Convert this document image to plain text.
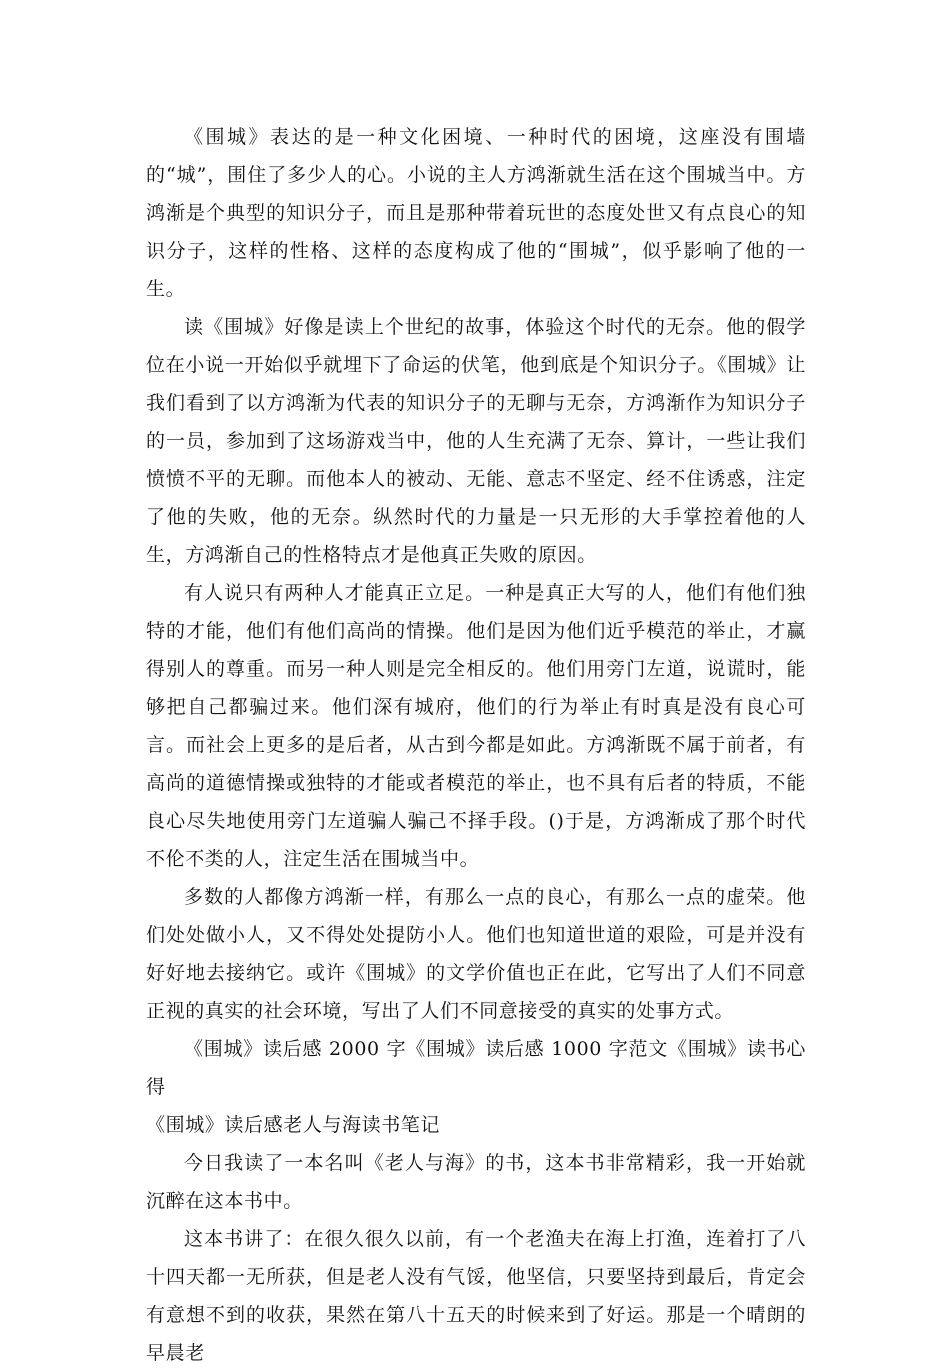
《围城》表达的是一种文化困境、一种时代的困境，这座没有围墙的“城”，围住了多少人的心。小说的主人方鸿渐就生活在这个围城当中。方鸿渐是个典型的知识分子，而且是那种带着玩世的态度处世又有点良心的知识分子，这样的性格、这样的态度构成了他的“围城”，似乎影响了他的一生。

读《围城》好像是读上个世纪的故事，体验这个时代的无奈。他的假学位在小说一开始似乎就埋下了命运的伏笔，他到底是个知识分子。《围城》让我们看到了以方鸿渐为代表的知识分子的无聊与无奈，方鸿渐作为知识分子的一员，参加到了这场游戏当中，他的人生充满了无奈、算计，一些让我们愤愤不平的无聊。而他本人的被动、无能、意志不坚定、经不住诱惑，注定了他的失败，他的无奈。纵然时代的力量是一只无形的大手掌控着他的人生，方鸿渐自己的性格特点才是他真正失败的原因。

有人说只有两种人才能真正立足。一种是真正大写的人，他们有他们独特的才能，他们有他们高尚的情操。他们是因为他们近乎模范的举止，才赢得别人的尊重。而另一种人则是完全相反的。他们用旁门左道，说谎时，能够把自己都骗过来。他们深有城府，他们的行为举止有时真是没有良心可言。而社会上更多的是后者，从古到今都是如此。方鸿渐既不属于前者，有高尚的道德情操或独特的才能或者模范的举止，也不具有后者的特质，不能良心尽失地使用旁门左道骗人骗己不择手段。()于是，方鸿渐成了那个时代不伦不类的人，注定生活在围城当中。

多数的人都像方鸿渐一样，有那么一点的良心，有那么一点的虚荣。他们处处做小人，又不得处处提防小人。他们也知道世道的艰险，可是并没有好好地去接纳它。或许《围城》的文学价值也正在此，它写出了人们不同意正视的真实的社会环境，写出了人们不同意接受的真实的处事方式。

《围城》读后感 2000 字《围城》读后感 1000 字范文《围城》读书心得

《围城》读后感老人与海读书笔记

今日我读了一本名叫《老人与海》的书，这本书非常精彩，我一开始就沉醉在这本书中。

这本书讲了：在很久很久以前，有一个老渔夫在海上打渔，连着打了八十四天都一无所获，但是老人没有气馁，他坚信，只要坚持到最后，肯定会有意想不到的收获，果然在第八十五天的时候来到了好运。那是一个晴朗的早晨老
